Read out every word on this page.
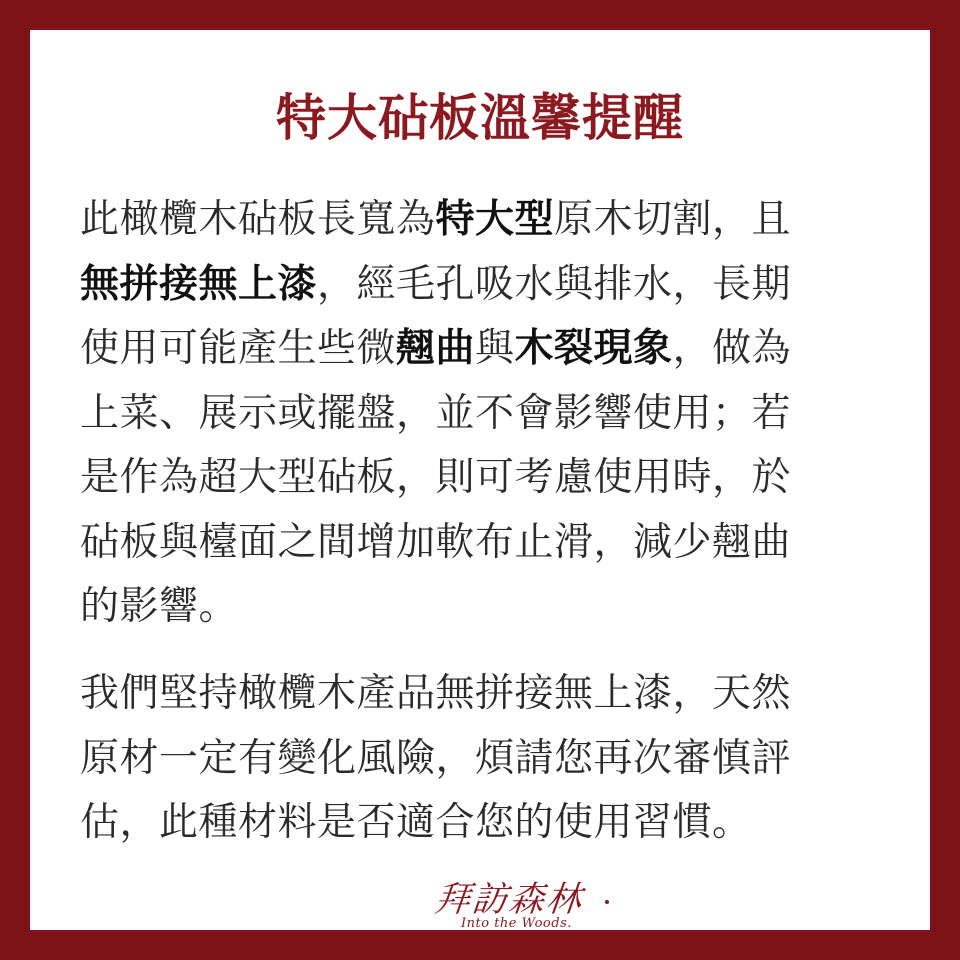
特大砧板溫馨提醒

此橄欖木砧板長寬為特大型原木切割，且
無拼接無上漆，經毛孔吸水與排水，長期
使用可能產生些微翹曲與木裂現象，做為
上菜、展示或擺盤，並不會影響使用；若
是作為超大型砧板，則可考慮使用時，於
砧板與檯面之間增加軟布止滑，減少翹曲
的影響。

我們堅持橄欖木產品無拼接無上漆，天然
原材一定有變化風險，煩請您再次審慎評
估，此種材料是否適合您的使用習慣。

拜訪森林
Into the Woods.
